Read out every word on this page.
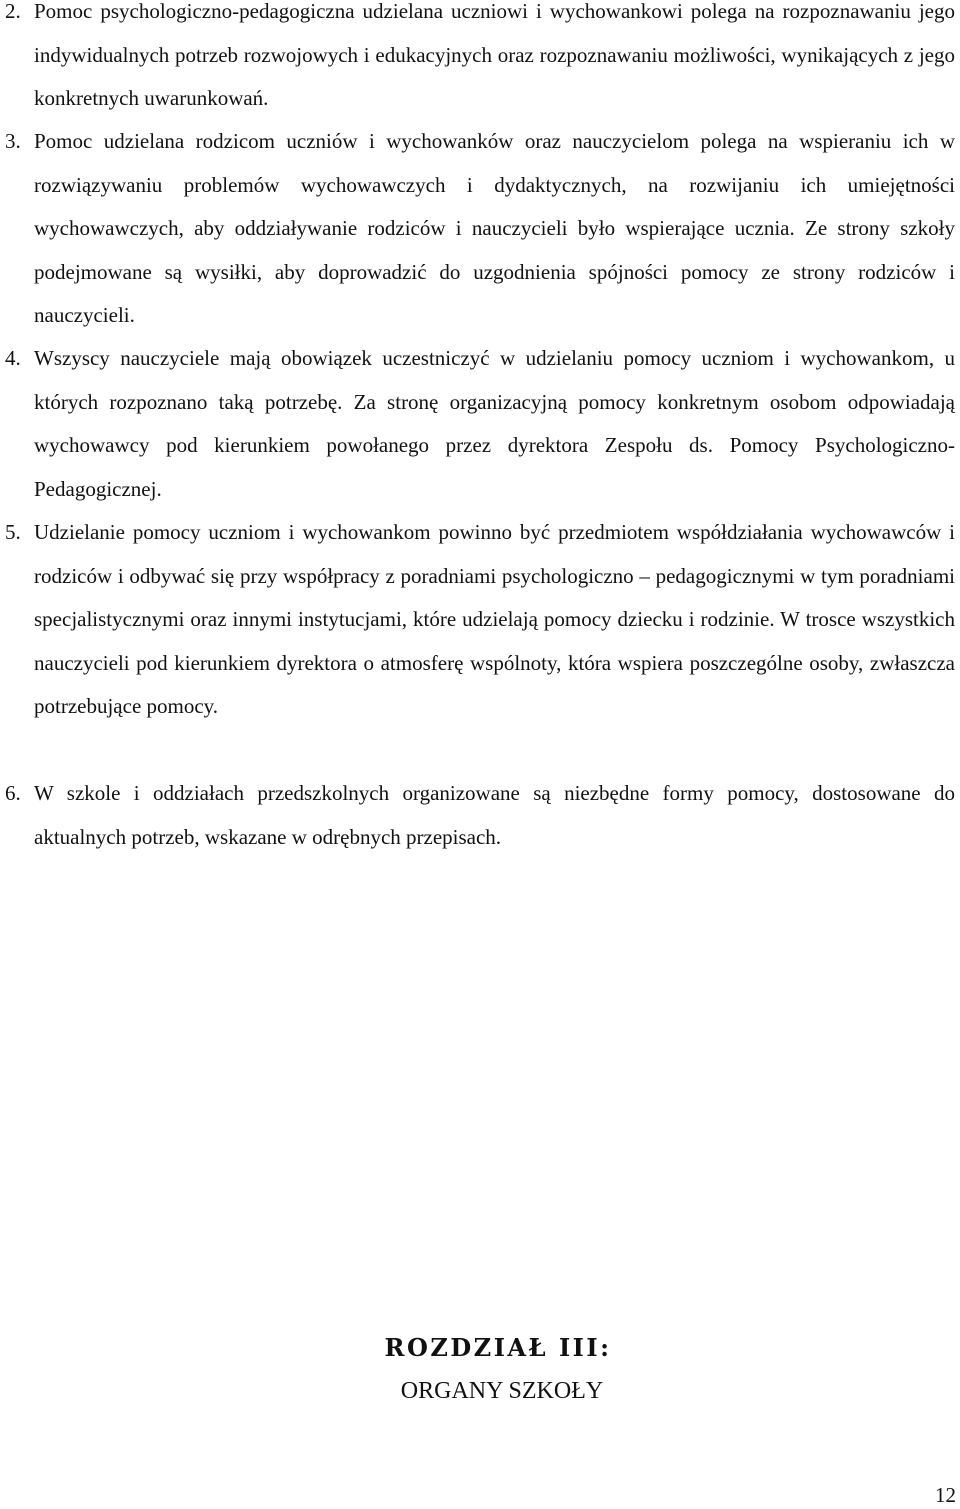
2. Pomoc psychologiczno-pedagogiczna udzielana uczniowi i wychowankowi polega na rozpoznawaniu jego indywidualnych potrzeb rozwojowych i edukacyjnych oraz rozpoznawaniu możliwości, wynikających z jego konkretnych uwarunkowań.
3. Pomoc udzielana rodzicom uczniów i wychowanków oraz nauczycielom polega na wspieraniu ich w rozwiązywaniu problemów wychowawczych i dydaktycznych, na rozwijaniu ich umiejętności wychowawczych, aby oddziaływanie rodziców i nauczycieli było wspierające ucznia. Ze strony szkoły podejmowane są wysiłki, aby doprowadzić do uzgodnienia spójności pomocy ze strony rodziców i nauczycieli.
4. Wszyscy nauczyciele mają obowiązek uczestniczyć w udzielaniu pomocy uczniom i wychowankom, u których rozpoznano taką potrzebę. Za stronę organizacyjną pomocy konkretnym osobom odpowiadają wychowawcy pod kierunkiem powołanego przez dyrektora Zespołu ds. Pomocy Psychologiczno-Pedagogicznej.
5. Udzielanie pomocy uczniom i wychowankom powinno być przedmiotem współdziałania wychowawców i rodziców i odbywać się przy współpracy z poradniami psychologiczno – pedagogicznymi w tym poradniami specjalistycznymi oraz innymi instytucjami, które udzielają pomocy dziecku i rodzinie. W trosce wszystkich nauczycieli pod kierunkiem dyrektora o atmosferę wspólnoty, która wspiera poszczególne osoby, zwłaszcza potrzebujące pomocy.
6. W szkole i oddziałach przedszkolnych organizowane są niezbędne formy pomocy, dostosowane do aktualnych potrzeb, wskazane w odrębnych przepisach.
ROZDZIAŁ III:
ORGANY SZKOŁY
12
